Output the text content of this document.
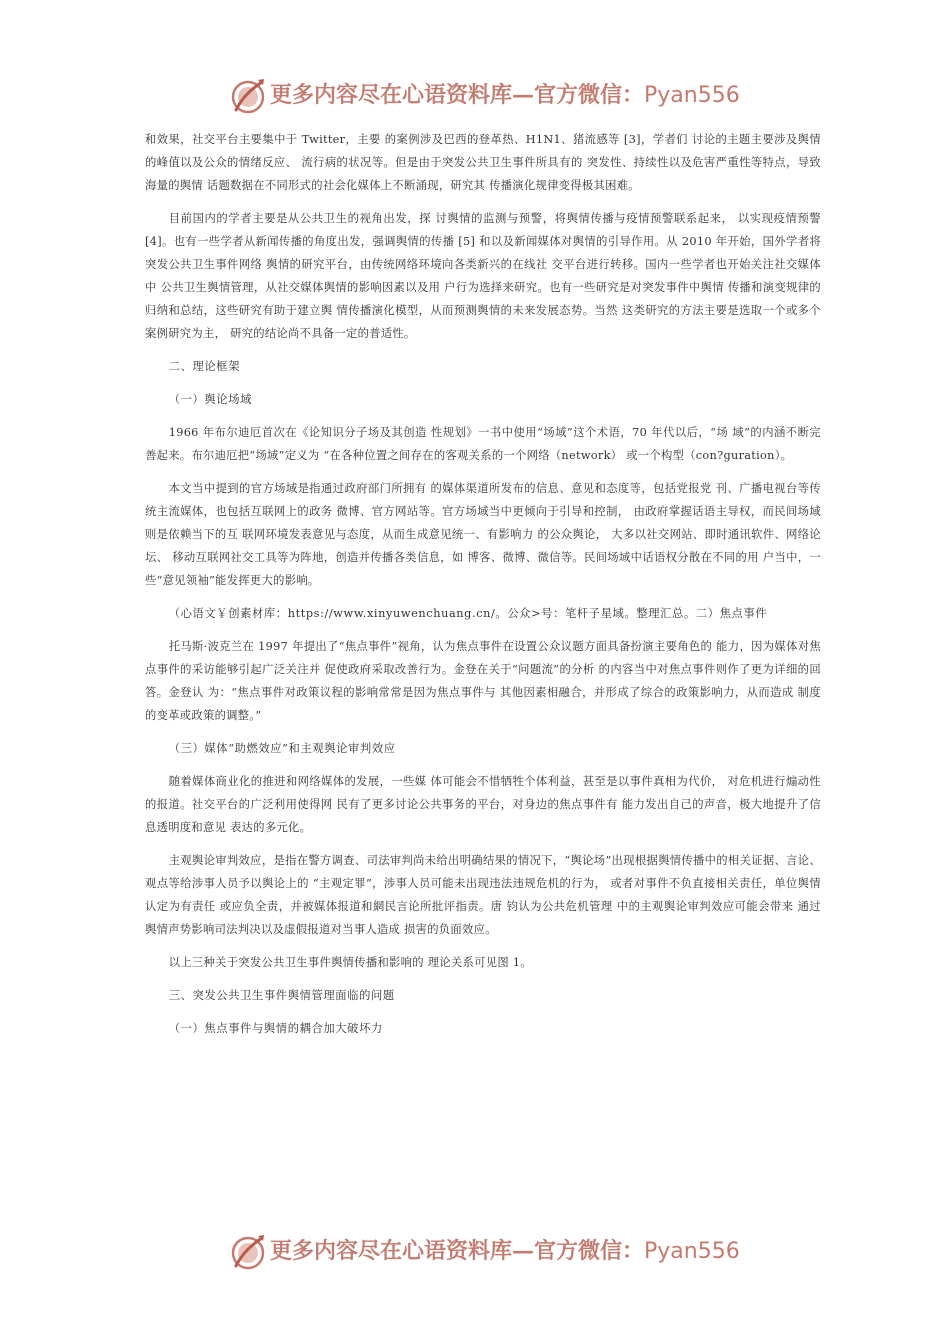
更多内容尽在心语资料库—官方微信：Pyan556

和效果，社交平台主要集中于 Twitter，主要 的案例涉及巴西的登革热、H1N1、猪流感等 [3]，学者们 讨论的主题主要涉及舆情的峰值以及公众的情绪反应、 流行病的状况等。但是由于突发公共卫生事件所具有的 突发性、持续性以及危害严重性等特点，导致海量的舆情 话题数据在不同形式的社会化媒体上不断涌现，研究其 传播演化规律变得极其困难。

目前国内的学者主要是从公共卫生的视角出发，探 讨舆情的监测与预警，将舆情传播与疫情预警联系起来， 以实现疫情预警 [4]。也有一些学者从新闻传播的角度出发，强调舆情的传播 [5] 和以及新闻媒体对舆情的引导作用。从 2010 年开始，国外学者将突发公共卫生事件网络 舆情的研究平台，由传统网络环境向各类新兴的在线社 交平台进行转移。国内一些学者也开始关注社交媒体中 公共卫生舆情管理，从社交媒体舆情的影响因素以及用 户行为选择来研究。也有一些研究是对突发事件中舆情 传播和演变规律的归纳和总结，这些研究有助于建立舆 情传播演化模型，从而预测舆情的未来发展态势。当然 这类研究的方法主要是选取一个或多个案例研究为主， 研究的结论尚不具备一定的普适性。

二、理论框架

（一）舆论场域

1966 年布尔迪厄首次在《论知识分子场及其创造 性规划》一书中使用“场域”这个术语，70 年代以后，“场 域”的内涵不断完善起来。布尔迪厄把“场域”定义为 “在各种位置之间存在的客观关系的一个网络（network） 或一个构型（con?guration）。

本文当中提到的官方场域是指通过政府部门所拥有 的媒体渠道所发布的信息、意见和态度等，包括党报党 刊、广播电视台等传统主流媒体，也包括互联网上的政务 微博、官方网站等。官方场域当中更倾向于引导和控制， 由政府掌握话语主导权，而民间场域则是依赖当下的互 联网环境发表意见与态度，从而生成意见统一、有影响力 的公众舆论， 大多以社交网站、即时通讯软件、网络论坛、 移动互联网社交工具等为阵地，创造并传播各类信息，如 博客、微博、微信等。民间场域中话语权分散在不同的用 户当中，一些“意见领袖”能发挥更大的影响。

（心语文￥创素材库：https://www.xinyuwenchuang.cn/。公众>号：笔杆子星域。整理汇总。二）焦点事件

托马斯·波克兰在 1997 年提出了“焦点事件”视角，认为焦点事件在设置公众议题方面具备扮演主要角色的 能力，因为媒体对焦点事件的采访能够引起广泛关注并 促使政府采取改善行为。金登在关于“问题流”的分析 的内容当中对焦点事件则作了更为详细的回答。金登认 为：“焦点事件对政策议程的影响常常是因为焦点事件与 其他因素相融合，并形成了综合的政策影响力，从而造成 制度的变革或政策的调整。”

（三）媒体“助燃效应”和主观舆论审判效应

随着媒体商业化的推进和网络媒体的发展，一些媒 体可能会不惜牺牲个体利益，甚至是以事件真相为代价， 对危机进行煽动性的报道。社交平台的广泛利用使得网 民有了更多讨论公共事务的平台，对身边的焦点事件有 能力发出自己的声音，极大地提升了信息透明度和意见 表达的多元化。

主观舆论审判效应，是指在警方调查、司法审判尚未给出明确结果的情况下，“舆论场”出现根据舆情传播中的相关证据、言论、观点等给涉事人员予以舆论上的 “主观定罪”，涉事人员可能未出现违法违规危机的行为， 或者对事件不负直接相关责任，单位舆情认定为有责任 或应负全责，并被媒体报道和網民言论所批评指责。唐 钧认为公共危机管理 中的主观舆论审判效应可能会带来 通过舆情声势影响司法判决以及虚假报道对当事人造成 损害的负面效应。

以上三种关于突发公共卫生事件舆情传播和影响的 理论关系可见图 1。

三、突发公共卫生事件舆情管理面临的问题

（一）焦点事件与舆情的耦合加大破坏力

更多内容尽在心语资料库—官方微信：Pyan556
